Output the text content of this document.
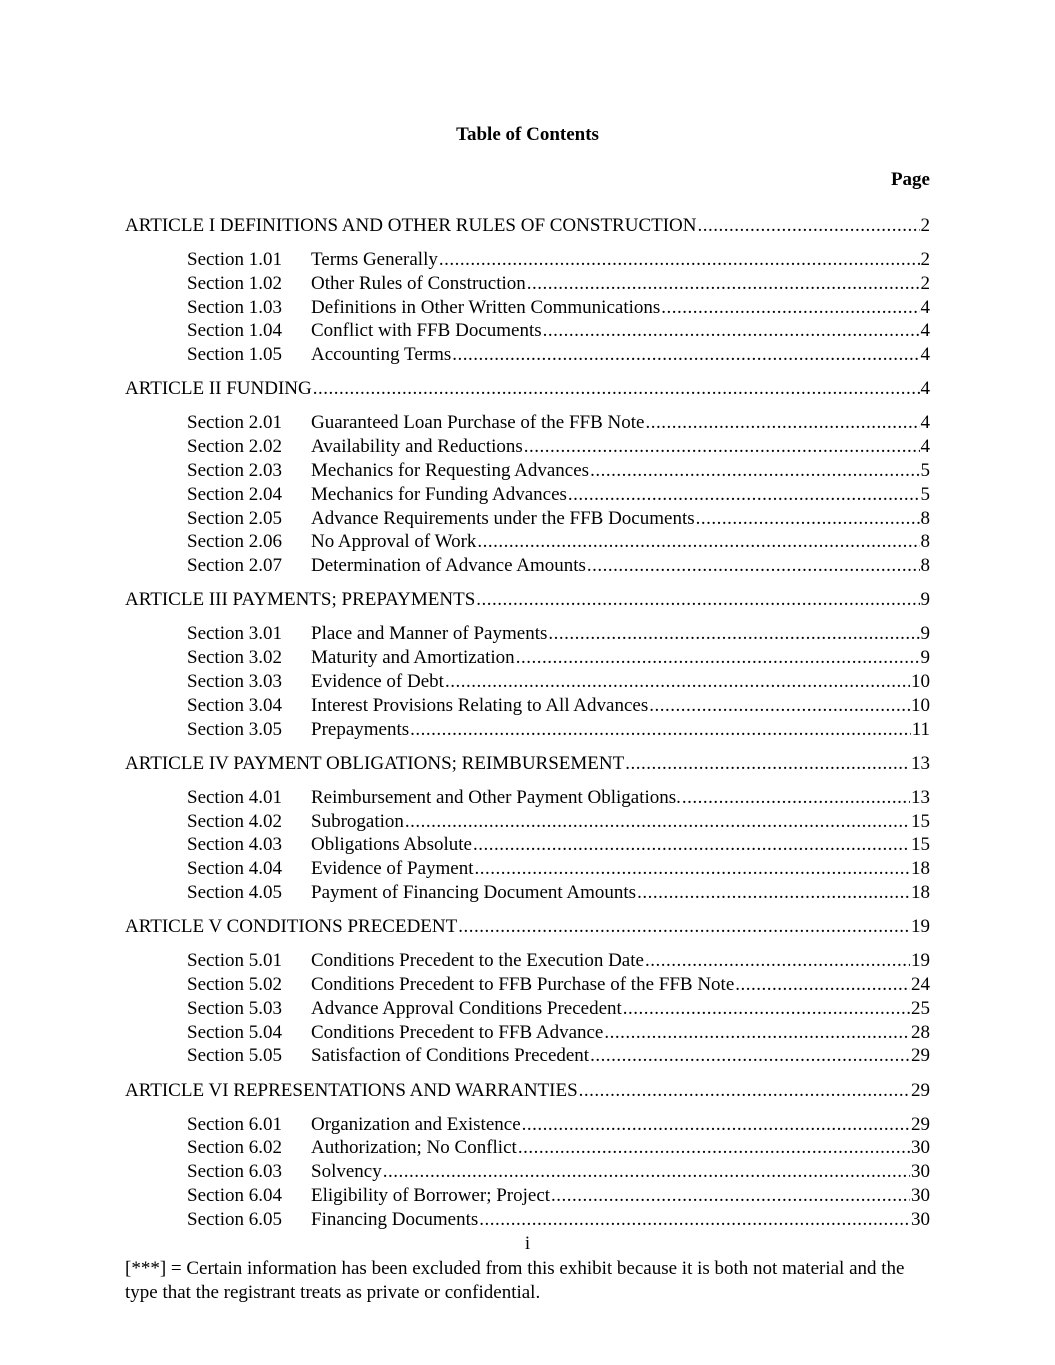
Table of Contents
Page
ARTICLE I DEFINITIONS AND OTHER RULES OF CONSTRUCTION .....	2
Section 1.01	Terms Generally .....	2
Section 1.02	Other Rules of Construction .....	2
Section 1.03	Definitions in Other Written Communications .....	4
Section 1.04	Conflict with FFB Documents .....	4
Section 1.05	Accounting Terms .....	4
ARTICLE II FUNDING .....	4
Section 2.01	Guaranteed Loan Purchase of the FFB Note .....	4
Section 2.02	Availability and Reductions .....	4
Section 2.03	Mechanics for Requesting Advances .....	5
Section 2.04	Mechanics for Funding Advances .....	5
Section 2.05	Advance Requirements under the FFB Documents .....	8
Section 2.06	No Approval of Work .....	8
Section 2.07	Determination of Advance Amounts .....	8
ARTICLE III PAYMENTS; PREPAYMENTS .....	9
Section 3.01	Place and Manner of Payments .....	9
Section 3.02	Maturity and Amortization .....	9
Section 3.03	Evidence of Debt .....	10
Section 3.04	Interest Provisions Relating to All Advances .....	10
Section 3.05	Prepayments .....	11
ARTICLE IV PAYMENT OBLIGATIONS; REIMBURSEMENT .....	13
Section 4.01	Reimbursement and Other Payment Obligations. .....	13
Section 4.02	Subrogation .....	15
Section 4.03	Obligations Absolute .....	15
Section 4.04	Evidence of Payment .....	18
Section 4.05	Payment of Financing Document Amounts .....	18
ARTICLE V CONDITIONS PRECEDENT .....	19
Section 5.01	Conditions Precedent to the Execution Date .....	19
Section 5.02	Conditions Precedent to FFB Purchase of the FFB Note .....	24
Section 5.03	Advance Approval Conditions Precedent .....	25
Section 5.04	Conditions Precedent to FFB Advance .....	28
Section 5.05	Satisfaction of Conditions Precedent .....	29
ARTICLE VI REPRESENTATIONS AND WARRANTIES .....	29
Section 6.01	Organization and Existence .....	29
Section 6.02	Authorization; No Conflict .....	30
Section 6.03	Solvency .....	30
Section 6.04	Eligibility of Borrower; Project .....	30
Section 6.05	Financing Documents .....	30
i
[***] = Certain information has been excluded from this exhibit because it is both not material and the type that the registrant treats as private or confidential.
